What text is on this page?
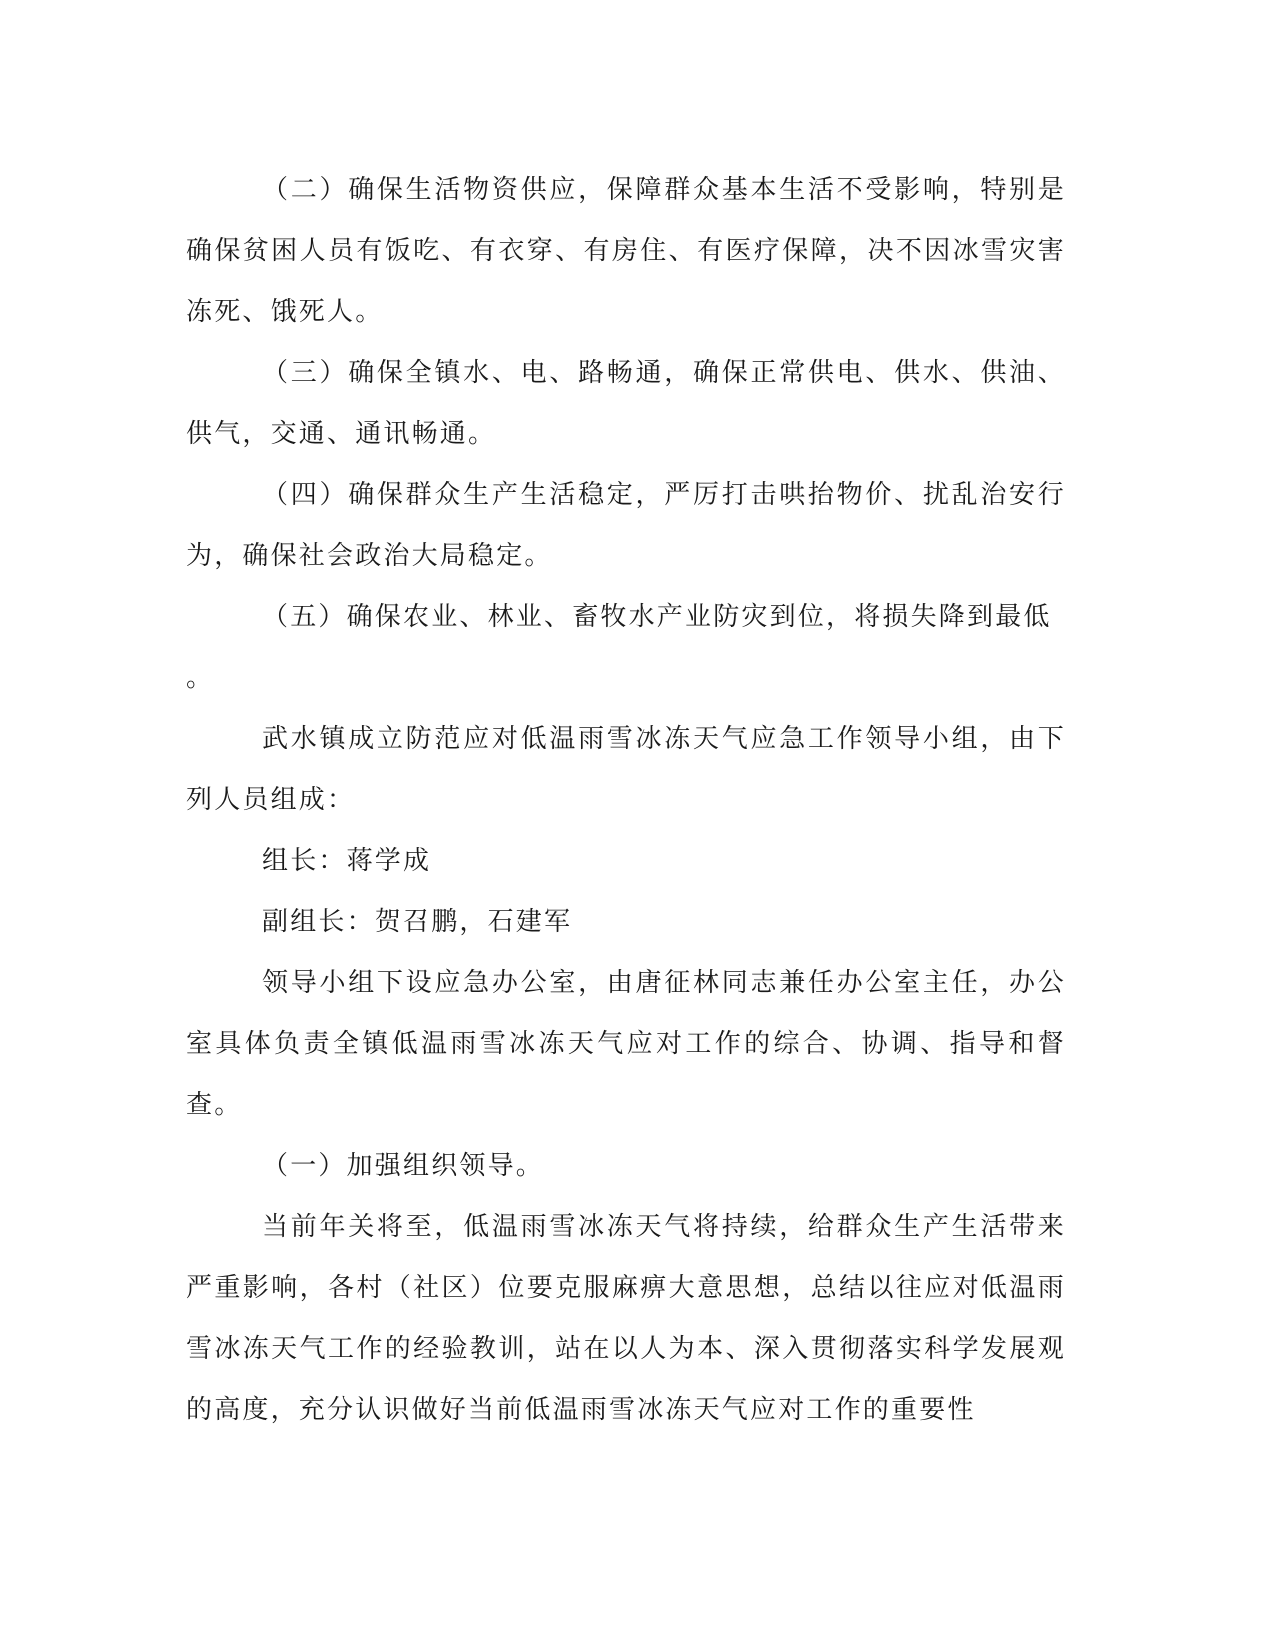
（二）确保生活物资供应，保障群众基本生活不受影响，特别是确保贫困人员有饭吃、有衣穿、有房住、有医疗保障，决不因冰雪灾害冻死、饿死人。

（三）确保全镇水、电、路畅通，确保正常供电、供水、供油、供气，交通、通讯畅通。

（四）确保群众生产生活稳定，严厉打击哄抬物价、扰乱治安行为，确保社会政治大局稳定。

（五）确保农业、林业、畜牧水产业防灾到位，将损失降到最低

。

武水镇成立防范应对低温雨雪冰冻天气应急工作领导小组，由下列人员组成：

组长：蒋学成

副组长：贺召鹏，石建军

领导小组下设应急办公室，由唐征林同志兼任办公室主任，办公室具体负责全镇低温雨雪冰冻天气应对工作的综合、协调、指导和督查。

（一）加强组织领导。

当前年关将至，低温雨雪冰冻天气将持续，给群众生产生活带来严重影响，各村（社区）位要克服麻痹大意思想，总结以往应对低温雨雪冰冻天气工作的经验教训，站在以人为本、深入贯彻落实科学发展观的高度，充分认识做好当前低温雨雪冰冻天气应对工作的重要性
